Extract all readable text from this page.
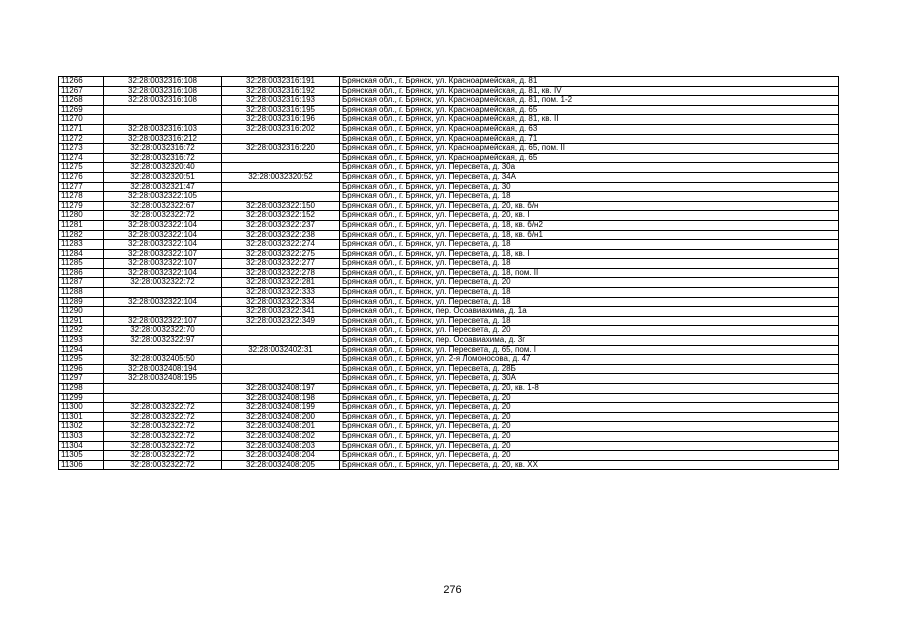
11266	32:28:0032316:108	32:28:0032316:191	Брянская обл., г. Брянск, ул. Красноармейская, д. 81
11267	32:28:0032316:108	32:28:0032316:192	Брянская обл., г. Брянск, ул. Красноармейская, д. 81, кв. IV
11268	32:28:0032316:108	32:28:0032316:193	Брянская обл., г. Брянск, ул. Красноармейская, д. 81, пом. 1-2
11269		32:28:0032316:195	Брянская обл., г. Брянск, ул. Красноармейская, д. 65
11270		32:28:0032316:196	Брянская обл., г. Брянск, ул. Красноармейская, д. 81, кв. II
11271	32:28:0032316:103	32:28:0032316:202	Брянская обл., г. Брянск, ул. Красноармейская, д. 63
11272	32:28:0032316:212		Брянская обл., г. Брянск, ул. Красноармейская, д. 71
11273	32:28:0032316:72	32:28:0032316:220	Брянская обл., г. Брянск, ул. Красноармейская, д. 65, пом. II
11274	32:28:0032316:72		Брянская обл., г. Брянск, ул. Красноармейская, д. 65
11275	32:28:0032320:40		Брянская обл., г. Брянск, ул. Пересвета, д. 30а
11276	32:28:0032320:51	32:28:0032320:52	Брянская обл., г. Брянск, ул. Пересвета, д. 34А
11277	32:28:0032321:47		Брянская обл., г. Брянск, ул. Пересвета, д. 30
11278	32:28:0032322:105		Брянская обл., г. Брянск, ул. Пересвета, д. 18
11279	32:28:0032322:67	32:28:0032322:150	Брянская обл., г. Брянск, ул. Пересвета, д. 20, кв. б/н
11280	32:28:0032322:72	32:28:0032322:152	Брянская обл., г. Брянск, ул. Пересвета, д. 20, кв. I
11281	32:28:0032322:104	32:28:0032322:237	Брянская обл., г. Брянск, ул. Пересвета, д. 18, кв. б/н2
11282	32:28:0032322:104	32:28:0032322:238	Брянская обл., г. Брянск, ул. Пересвета, д. 18, кв. б/н1
11283	32:28:0032322:104	32:28:0032322:274	Брянская обл., г. Брянск, ул. Пересвета, д. 18
11284	32:28:0032322:107	32:28:0032322:275	Брянская обл., г. Брянск, ул. Пересвета, д. 18, кв. I
11285	32:28:0032322:107	32:28:0032322:277	Брянская обл., г. Брянск, ул. Пересвета, д. 18
11286	32:28:0032322:104	32:28:0032322:278	Брянская обл., г. Брянск, ул. Пересвета, д. 18, пом. II
11287	32:28:0032322:72	32:28:0032322:281	Брянская обл., г. Брянск, ул. Пересвета, д. 20
11288		32:28:0032322:333	Брянская обл., г. Брянск, ул. Пересвета, д. 18
11289	32:28:0032322:104	32:28:0032322:334	Брянская обл., г. Брянск, ул. Пересвета, д. 18
11290		32:28:0032322:341	Брянская обл., г. Брянск, пер. Осоавиахима, д. 1а
11291	32:28:0032322:107	32:28:0032322:349	Брянская обл., г. Брянск, ул. Пересвета, д. 18
11292	32:28:0032322:70		Брянская обл., г. Брянск, ул. Пересвета, д. 20
11293	32:28:0032322:97		Брянская обл., г. Брянск, пер. Осоавиахима, д. 3г
11294		32:28:0032402:31	Брянская обл., г. Брянск, ул. Пересвета, д. 65, пом. I
11295	32:28:0032405:50		Брянская обл., г. Брянск, ул. 2-я Ломоносова, д. 47
11296	32:28:0032408:194		Брянская обл., г. Брянск, ул. Пересвета, д. 28Б
11297	32:28:0032408:195		Брянская обл., г. Брянск, ул. Пересвета, д. 30А
11298		32:28:0032408:197	Брянская обл., г. Брянск, ул. Пересвета, д. 20, кв. 1-8
11299		32:28:0032408:198	Брянская обл., г. Брянск, ул. Пересвета, д. 20
11300	32:28:0032322:72	32:28:0032408:199	Брянская обл., г. Брянск, ул. Пересвета, д. 20
11301	32:28:0032322:72	32:28:0032408:200	Брянская обл., г. Брянск, ул. Пересвета, д. 20
11302	32:28:0032322:72	32:28:0032408:201	Брянская обл., г. Брянск, ул. Пересвета, д. 20
11303	32:28:0032322:72	32:28:0032408:202	Брянская обл., г. Брянск, ул. Пересвета, д. 20
11304	32:28:0032322:72	32:28:0032408:203	Брянская обл., г. Брянск, ул. Пересвета, д. 20
11305	32:28:0032322:72	32:28:0032408:204	Брянская обл., г. Брянск, ул. Пересвета, д. 20
11306	32:28:0032322:72	32:28:0032408:205	Брянская обл., г. Брянск, ул. Пересвета, д. 20, кв. XX
276
